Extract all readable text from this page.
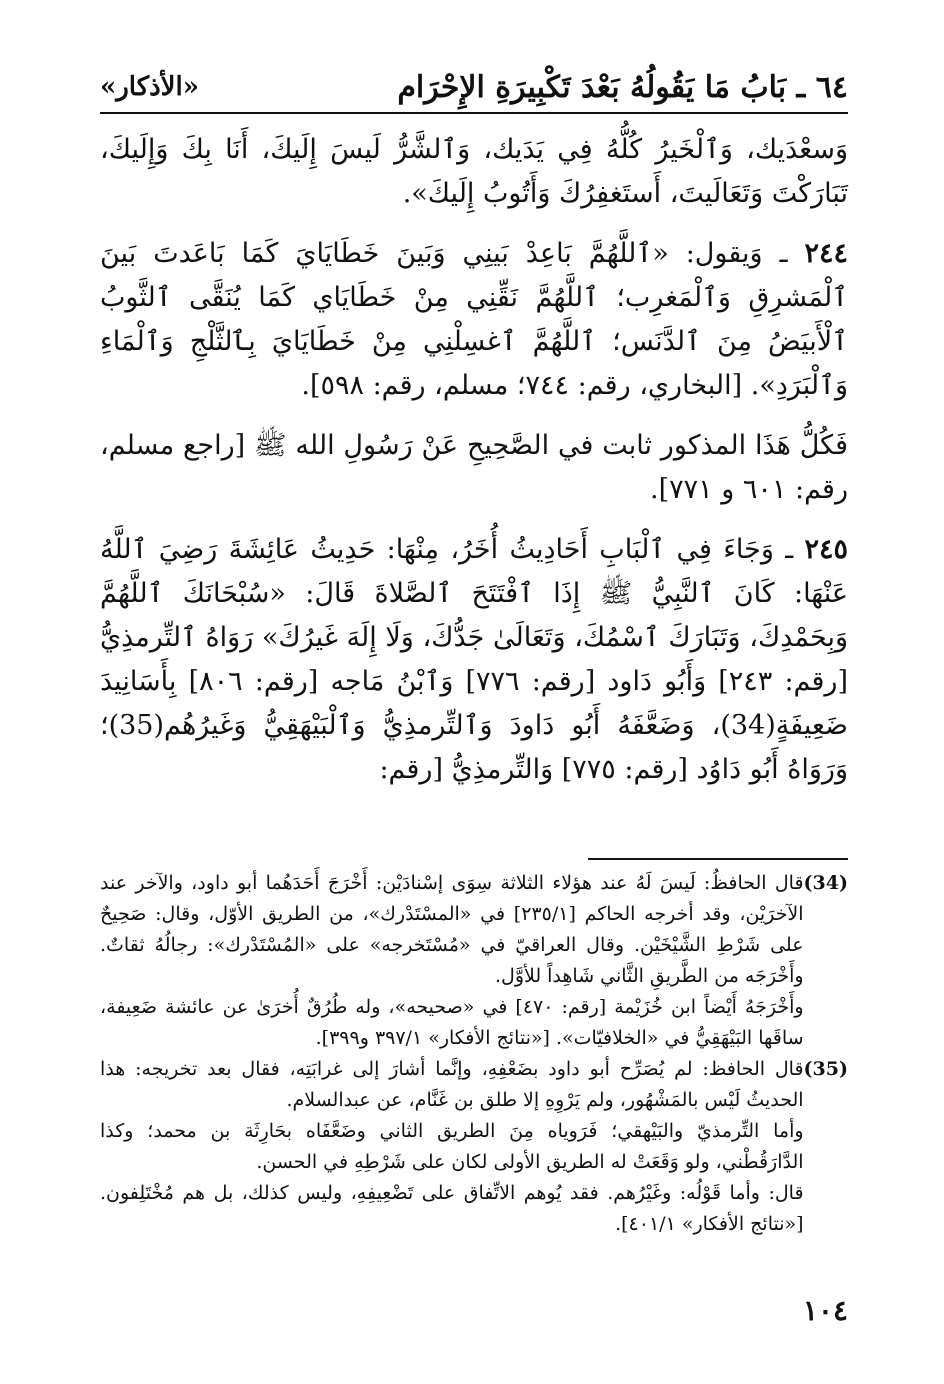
٦٤ ـ بَابُ مَا يَقُولُهُ بَعْدَ تَكْبِيرَةِ الإِحْرَام
«الأذكار»

وَسعْدَيك، وَٱلْخَيرُ كُلُّهُ فِي يَدَيك، وَٱلشَّرُّ لَيسَ إِلَيكَ، أَنَا بِكَ وَإِلَيكَ، تَبَارَكْتَ وَتَعَالَيتَ، أَستَغفِرُكَ وَأَتُوبُ إِلَيكَ».

٢٤٤ ـ وَيقول: «ٱللَّهُمَّ بَاعِدْ بَينِي وَبَينَ خَطَايَايَ كَمَا بَاعَدتَ بَينَ ٱلْمَشرِقِ وَٱلْمَغرِب؛ ٱللَّهُمَّ نَقِّنِي مِنْ خَطَايَاي كَمَا يُنَقَّى ٱلثَّوبُ ٱلْأَبيَضُ مِنَ ٱلدَّنَس؛ ٱللَّهُمَّ ٱغسِلْنِي مِنْ خَطَايَايَ بِٱلثَّلْجِ وَٱلْمَاءِ وَٱلْبَرَدِ». [البخاري، رقم: ٧٤٤؛ مسلم، رقم: ٥٩٨].

فَكُلُّ هَذَا المذكور ثابت في الصَّحِيحِ عَنْ رَسُولِ الله ﷺ [راجع مسلم، رقم: ٦٠١ و ٧٧١].

٢٤٥ ـ وَجَاءَ فِي ٱلْبَابِ أَحَادِيثُ أُخَرُ، مِنْهَا: حَدِيثُ عَائِشَةَ رَضِيَ ٱللَّهُ عَنْهَا: كَانَ ٱلنَّبِيُّ ﷺ إِذَا ٱفْتَتَحَ ٱلصَّلاةَ قَالَ: «سُبْحَانَكَ ٱللَّهُمَّ وَبِحَمْدِكَ، وَتَبَارَكَ ٱسْمُكَ، وَتَعَالَىٰ جَدُّكَ، وَلَا إِلَهَ غَيرُكَ» رَوَاهُ ٱلتِّرمذِيُّ [رقم: ٢٤٣] وَأَبُو دَاود [رقم: ٧٧٦] وَٱبْنُ مَاجه [رقم: ٨٠٦] بِأَسَانِيدَ ضَعِيفَةٍ(34)، وَضَعَّفَهُ أَبُو دَاودَ وَٱلتِّرمذِيُّ وَٱلْبَيْهَقِيُّ وَغَيرُهُم(35)؛ وَرَوَاهُ أَبُو دَاوُد [رقم: ٧٧٥] وَالتِّرمذِيُّ [رقم:

(34)

قال الحافظُ: لَيسَ لَهُ عند هؤلاء الثلاثة سِوَى إسْنادَيْن: أَخْرَجَ أَحَدَهُما أبو داود، والآخر عند الآخرَيْن، وقد أخرجه الحاكم [٢٣٥/١] في «المسْتَدْرك»، من الطريق الأوّل، وقال: صَحِيحٌ على شَرْطِ الشَّيْخَيْن. وقال العراقيّ في «مُسْتَخرجه» على «المُسْتَدْرك»: رجالُهُ ثقاتٌ. وأَخْرَجَه من الطَّريقِ الثَّاني شَاهِداً للأوَّل.

وأَخْرَجَهُ أَيْضاً ابن خُزَيْمة [رقم: ٤٧٠] في «صحيحه»، وله طُرُقٌ أُخرَىٰ عن عائشة ضَعِيفة، ساقَها البَيْهَقِيُّ في «الخلافيّات». [«نتائج الأفكار» ٣٩٧/١ و٣٩٩].

(35)

قال الحافظ: لم يُصَرِّح أبو داود بضَعْفِهِ، وإنَّما أشارَ إلى غرابَتِه، فقال بعد تخريجه: هذا الحديثُ لَيْس بالمَشْهُور، ولم يَرْوِهِ إلا طلق بن غَنَّام، عن عبدالسلام.

وأما التِّرمذيّ والبَيْهقي؛ فَرَوياه مِنَ الطريق الثاني وضَعَّفَاه بحَارِثَة بن محمد؛ وكذا الدَّارَقُطْني، ولو وَقَعَتْ له الطريق الأولى لكان على شَرْطِهِ في الحسن.

قال: وأما قَوْلُه: وغَيْرُهم. فقد يُوهم الاتِّفاق على تَضْعِيفِهِ، وليس كذلك، بل هم مُخْتَلِفون. [«نتائج الأفكار» ٤٠١/١].

١٠٤
